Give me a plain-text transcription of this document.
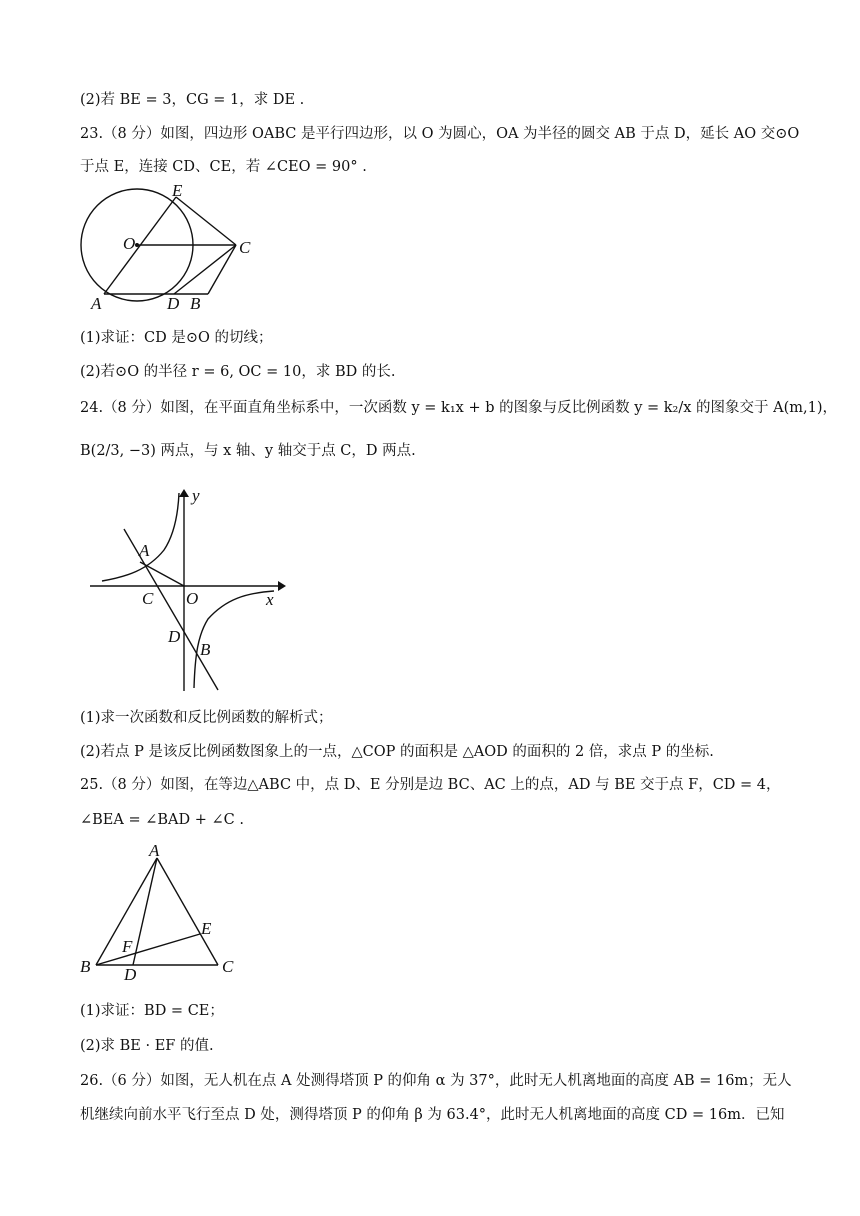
(2)若 BE = 3，CG = 1，求 DE .
23.（8 分）如图，四边形 OABC 是平行四边形，以 O 为圆心，OA 为半径的圆交 AB 于点 D，延长 AO 交⊙O
于点 E，连接 CD、CE，若 ∠CEO = 90° .
E
O	C
A	D B
(1)求证：CD 是⊙O 的切线；
(2)若⊙O 的半径 r = 6, OC = 10，求 BD 的长.
24.（8 分）如图，在平面直角坐标系中，一次函数 y = k₁x + b 的图象与反比例函数 y = k₂/x 的图象交于 A(m,1)，
B(2/3, −3) 两点，与 x 轴、y 轴交于点 C，D 两点.
y
x
A
C O
D
B
(1)求一次函数和反比例函数的解析式；
(2)若点 P 是该反比例函数图象上的一点，△COP 的面积是 △AOD 的面积的 2 倍，求点 P 的坐标.
25.（8 分）如图，在等边△ABC 中，点 D、E 分别是边 BC、AC 上的点，AD 与 BE 交于点 F，CD = 4，
∠BEA = ∠BAD + ∠C .
A
E
F
B D	C
(1)求证：BD = CE；
(2)求 BE · EF 的值.
26.（6 分）如图，无人机在点 A 处测得塔顶 P 的仰角 α 为 37°，此时无人机离地面的高度 AB = 16m；无人
机继续向前水平飞行至点 D 处，测得塔顶 P 的仰角 β 为 63.4°，此时无人机离地面的高度 CD = 16m．已知
